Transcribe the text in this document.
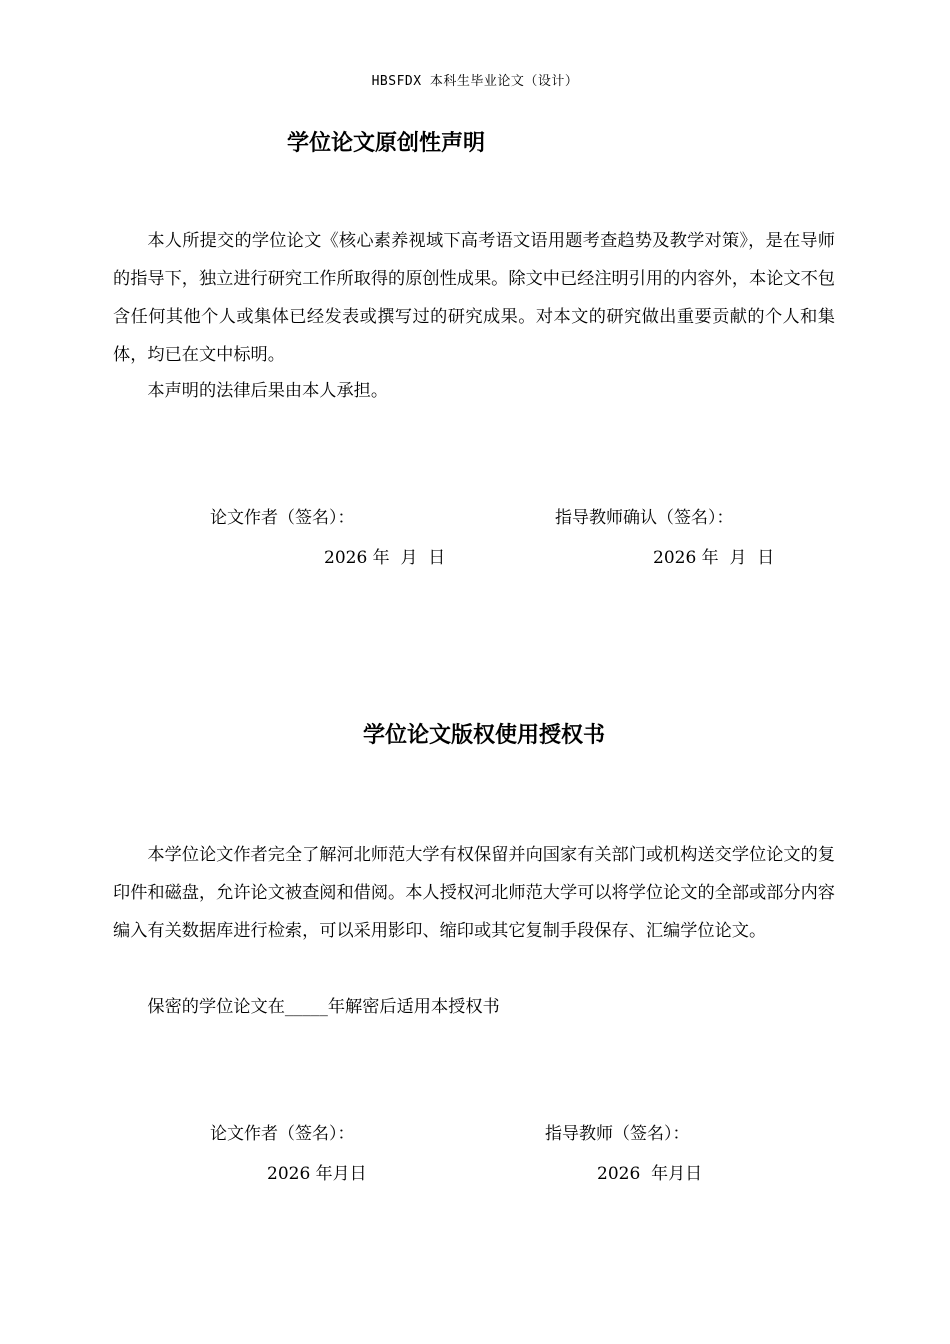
HBSFDX 本科生毕业论文（设计）
学位论文原创性声明

本人所提交的学位论文《核心素养视域下高考语文语用题考查趋势及教学对策》，是在导师的指导下，独立进行研究工作所取得的原创性成果。除文中已经注明引用的内容外，本论文不包含任何其他个人或集体已经发表或撰写过的研究成果。对本文的研究做出重要贡献的个人和集体，均已在文中标明。

本声明的法律后果由本人承担。

论文作者（签名）：
2026 年  月  日
指导教师确认（签名）：
2026 年  月  日
学位论文版权使用授权书

本学位论文作者完全了解河北师范大学有权保留并向国家有关部门或机构送交学位论文的复印件和磁盘，允许论文被查阅和借阅。本人授权河北师范大学可以将学位论文的全部或部分内容编入有关数据库进行检索，可以采用影印、缩印或其它复制手段保存、汇编学位论文。

保密的学位论文在_____年解密后适用本授权书

论文作者（签名）：
2026 年月日
指导教师（签名）：
2026  年月日
